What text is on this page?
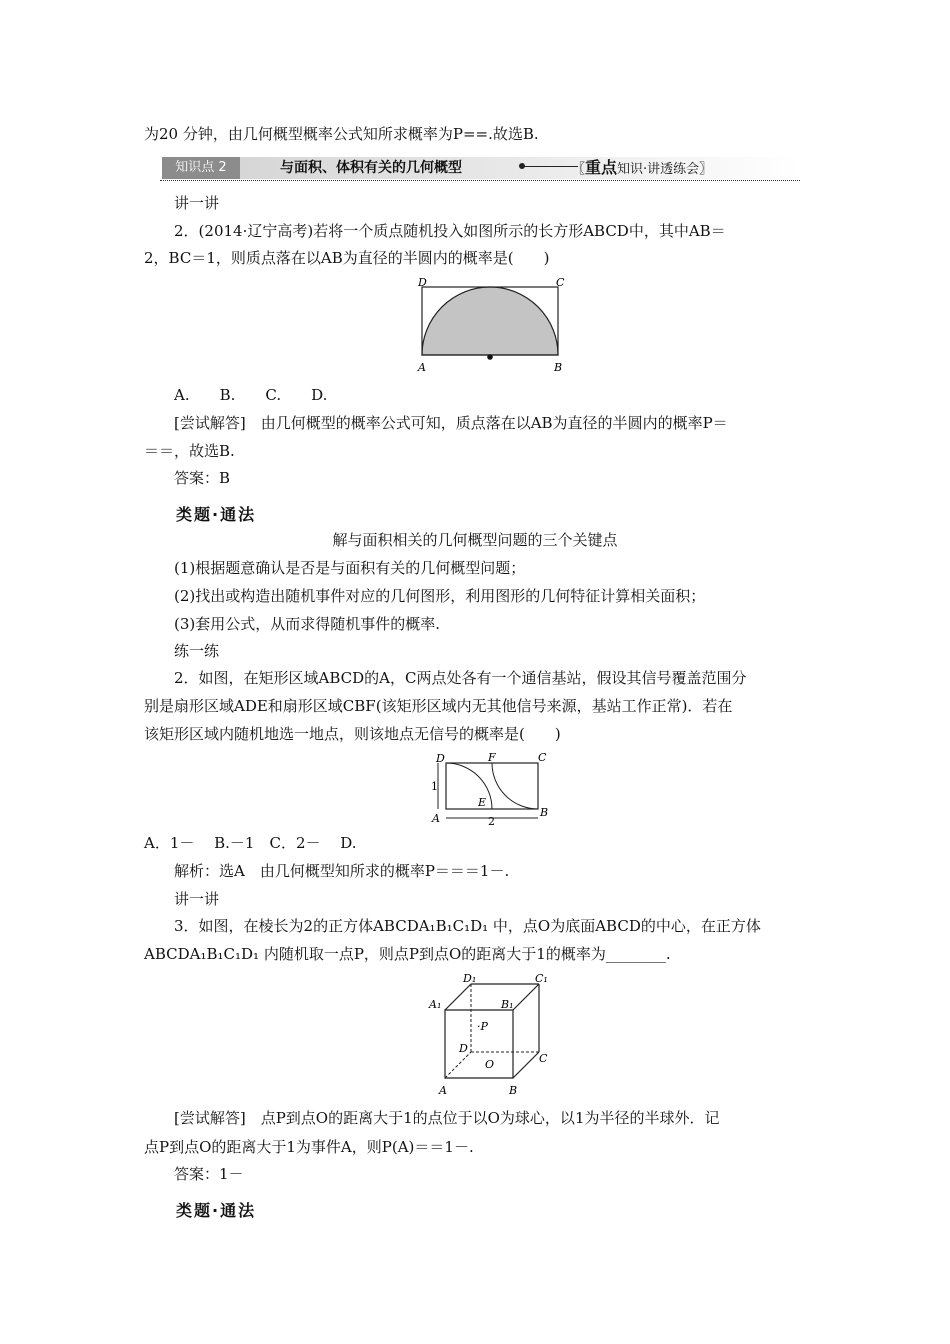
为20 分钟，由几何概型概率公式知所求概率为P==.故选B.
知识点 2	与面积、体积有关的几何概型	〖重点知识·讲透练会〗
讲一讲
2．(2014·辽宁高考)若将一个质点随机投入如图所示的长方形ABCD中，其中AB＝
2，BC＝1，则质点落在以AB为直径的半圆内的概率是(　　)
D	C
A	B
A.　　B.　　C.　　D.
[尝试解答]　由几何概型的概率公式可知，质点落在以AB为直径的半圆内的概率P＝
＝＝，故选B.
答案：B
类题·通法
解与面积相关的几何概型问题的三个关键点
(1)根据题意确认是否是与面积有关的几何概型问题；
(2)找出或构造出随机事件对应的几何图形，利用图形的几何特征计算相关面积；
(3)套用公式，从而求得随机事件的概率.
练一练
2．如图，在矩形区域ABCD的A，C两点处各有一个通信基站，假设其信号覆盖范围分
别是扇形区域ADE和扇形区域CBF(该矩形区域内无其他信号来源，基站工作正常)．若在
该矩形区域内随机地选一地点，则该地点无信号的概率是(　　)
D	F	C
E
A	B
1
2
A．1－　 B.－1　C．2－　 D.
解析：选A　由几何概型知所求的概率P＝＝＝1－.
讲一讲
3．如图，在棱长为2的正方体ABCDA₁B₁C₁D₁ 中，点O为底面ABCD的中心，在正方体
ABCDA₁B₁C₁D₁ 内随机取一点P，则点P到点O的距离大于1的概率为________.
D₁	C₁
A₁	B₁
·P
D
C
O
A	B
[尝试解答]　点P到点O的距离大于1的点位于以O为球心，以1为半径的半球外．记
点P到点O的距离大于1为事件A，则P(A)＝＝1－.
答案：1－
类题·通法
